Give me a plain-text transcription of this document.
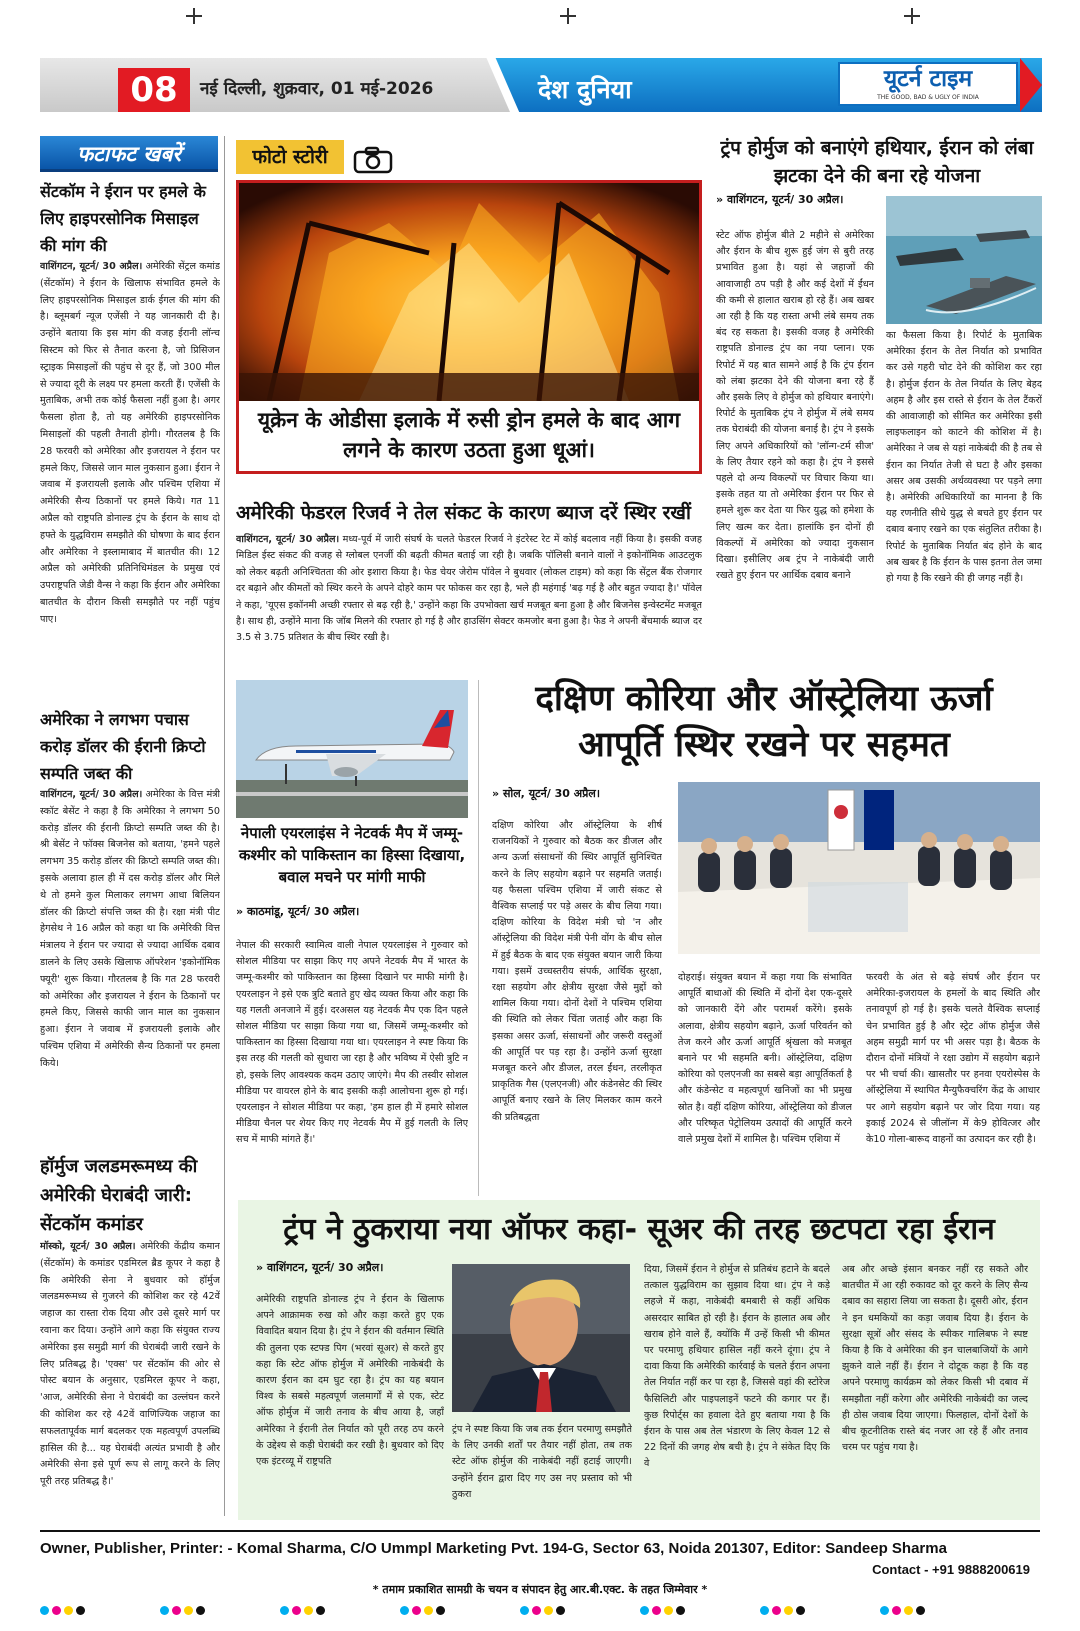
08	नई दिल्ली, शुक्रवार, 01 मई-2026	देश दुनिया	यूटर्न टाइम
THE GOOD, BAD & UGLY OF INDIA
फटाफट खबरें
सेंटकॉम ने ईरान पर हमले के लिए हाइपरसोनिक मिसाइल की मांग की
वाशिंगटन, यूटर्न/ 30 अप्रैल। अमेरिकी सेंट्रल कमांड (सेंटकॉम) ने ईरान के खिलाफ संभावित हमले के लिए हाइपरसोनिक मिसाइल डार्क ईगल की मांग की है। ब्लूमबर्ग न्यूज एजेंसी ने यह जानकारी दी है। उन्होंने बताया कि इस मांग की वजह ईरानी लॉन्च सिस्टम को फिर से तैनात करना है, जो प्रिसिजन स्ट्राइक मिसाइलों की पहुंच से दूर हैं, जो 300 मील से ज्यादा दूरी के लक्ष्य पर हमला करती हैं। एजेंसी के मुताबिक, अभी तक कोई फैसला नहीं हुआ है। अगर फैसला होता है, तो यह अमेरिकी हाइपरसोनिक मिसाइलों की पहली तैनाती होगी। गौरतलब है कि 28 फरवरी को अमेरिका और इजरायल ने ईरान पर हमले किए, जिससे जान माल नुकसान हुआ। ईरान ने जवाब में इजरायली इलाके और पश्चिम एशिया में अमेरिकी सैन्य ठिकानों पर हमले किये। गत 11 अप्रैल को राष्ट्रपति डोनाल्ड ट्रंप के ईरान के साथ दो हफ्ते के युद्धविराम समझौते की घोषणा के बाद ईरान और अमेरिका ने इस्लामाबाद में बातचीत की। 12 अप्रैल को अमेरिकी प्रतिनिधिमंडल के प्रमुख एवं उपराष्ट्रपति जेडी वैन्स ने कहा कि ईरान और अमेरिका बातचीत के दौरान किसी समझौते पर नहीं पहुंच पाए।
अमेरिका ने लगभग पचास करोड़ डॉलर की ईरानी क्रिप्टो सम्पति जब्त की
वाशिंगटन, यूटर्न/ 30 अप्रैल। अमेरिका के वित्त मंत्री स्कॉट बेसेंट ने कहा है कि अमेरिका ने लगभग 50 करोड़ डॉलर की ईरानी क्रिप्टो सम्पति जब्त की है। श्री बेसेंट ने फॉक्स बिजनेस को बताया, 'हमने पहले लगभग 35 करोड़ डॉलर की क्रिप्टो सम्पति जब्त की। इसके अलावा हाल ही में दस करोड़ डॉलर और मिले थे तो हमने कुल मिलाकर लगभग आधा बिलियन डॉलर की क्रिप्टो संपत्ति जब्त की है। रक्षा मंत्री पीट हेगसेथ ने 16 अप्रैल को कहा था कि अमेरिकी वित्त मंत्रालय ने ईरान पर ज्यादा से ज्यादा आर्थिक दबाव डालने के लिए उसके खिलाफ ऑपरेशन 'इकोनॉमिक फ्यूरी' शुरू किया। गौरतलब है कि गत 28 फरवरी को अमेरिका और इजरायल ने ईरान के ठिकानों पर हमले किए, जिससे काफी जान माल का नुकसान हुआ। ईरान ने जवाब में इजरायली इलाके और पश्चिम एशिया में अमेरिकी सैन्य ठिकानों पर हमला किये।
हॉर्मुज जलडमरूमध्य की अमेरिकी घेराबंदी जारी: सेंटकॉम कमांडर
मॉस्को, यूटर्न/ 30 अप्रैल। अमेरिकी केंद्रीय कमान (सेंटकॉम) के कमांडर एडमिरल ब्रैड कूपर ने कहा है कि अमेरिकी सेना ने बुधवार को हॉर्मुज जलडमरूमध्य से गुजरने की कोशिश कर रहे 42वें जहाज का रास्ता रोक दिया और उसे दूसरे मार्ग पर रवाना कर दिया। उन्होंने आगे कहा कि संयुक्त राज्य अमेरिका इस समुद्री मार्ग की घेराबंदी जारी रखने के लिए प्रतिबद्ध है। 'एक्स' पर सेंटकॉम की ओर से पोस्ट बयान के अनुसार, एडमिरल कूपर ने कहा, 'आज, अमेरिकी सेना ने घेराबंदी का उल्लंघन करने की कोशिश कर रहे 42वें वाणिज्यिक जहाज का सफलतापूर्वक मार्ग बदलकर एक महत्वपूर्ण उपलब्धि हासिल की है... यह घेराबंदी अत्यंत प्रभावी है और अमेरिकी सेना इसे पूर्ण रूप से लागू करने के लिए पूरी तरह प्रतिबद्ध है।'
फोटो स्टोरी
यूक्रेन के ओडीसा इलाके में रुसी ड्रोन हमले के बाद आग लगने के कारण उठता हुआ धूआं।
अमेरिकी फेडरल रिजर्व ने तेल संकट के कारण ब्याज दरें स्थिर रखीं
वाशिंगटन, यूटर्न/ 30 अप्रैल। मध्य-पूर्व में जारी संघर्ष के चलते फेडरल रिजर्व ने इंटरेस्ट रेट में कोई बदलाव नहीं किया है। इसकी वजह मिडिल ईस्ट संकट की वजह से ग्लोबल एनर्जी की बढ़ती कीमत बताई जा रही है। जबकि पॉलिसी बनाने वालों ने इकोनॉमिक आउटलुक को लेकर बढ़ती अनिश्चितता की ओर इशारा किया है। फेड चेयर जेरोम पॉवेल ने बुधवार (लोकल टाइम) को कहा कि सेंट्रल बैंक रोजगार दर बढ़ाने और कीमतों को स्थिर करने के अपने दोहरे काम पर फोकस कर रहा है, भले ही महंगाई 'बढ़ गई है और बहुत ज्यादा है।' पॉवेल ने कहा, 'यूएस इकॉनमी अच्छी रफ्तार से बढ़ रही है,' उन्होंने कहा कि उपभोक्ता खर्च मजबूत बना हुआ है और बिजनेस इन्वेस्टमेंट मजबूत है। साथ ही, उन्होंने माना कि जॉब मिलने की रफ्तार हो गई है और हाउसिंग सेक्टर कमजोर बना हुआ है। फेड ने अपनी बेंचमार्क ब्याज दर 3.5 से 3.75 प्रतिशत के बीच स्थिर रखी है।
ट्रंप होर्मुज को बनाएंगे हथियार, ईरान को लंबा झटका देने की बना रहे योजना
» वाशिंगटन, यूटर्न/ 30 अप्रैल।
स्टेट ऑफ होर्मुज बीते 2 महीने से अमेरिका और ईरान के बीच शुरू हुई जंग से बुरी तरह प्रभावित हुआ है। यहां से जहाजों की आवाजाही ठप पड़ी है और कई देशों में ईंधन की कमी से हालात खराब हो रहे हैं। अब खबर आ रही है कि यह रास्ता अभी लंबे समय तक बंद रह सकता है। इसकी वजह है अमेरिकी राष्ट्रपति डोनाल्ड ट्रंप का नया प्लान। एक रिपोर्ट में यह बात सामने आई है कि ट्रंप ईरान को लंबा झटका देने की योजना बना रहे हैं और इसके लिए वे होर्मुज को हथियार बनाएंगे। रिपोर्ट के मुताबिक ट्रंप ने होर्मुज में लंबे समय तक घेराबंदी की योजना बनाई है। ट्रंप ने इसके लिए अपने अधिकारियों को 'लॉन्ग-टर्म सीज' के लिए तैयार रहने को कहा है। ट्रंप ने इससे पहले दो अन्य विकल्पों पर विचार किया था। इसके तहत या तो अमेरिका ईरान पर फिर से हमले शुरू कर देता या फिर युद्ध को हमेशा के लिए खत्म कर देता। हालांकि इन दोनों ही विकल्पों में अमेरिका को ज्यादा नुकसान दिखा। इसीलिए अब ट्रंप ने नाकेबंदी जारी रखते हुए ईरान पर आर्थिक दबाव बनाने
का फैसला किया है। रिपोर्ट के मुताबिक अमेरिका ईरान के तेल निर्यात को प्रभावित कर उसे गहरी चोट देने की कोशिश कर रहा है। होर्मुज ईरान के तेल निर्यात के लिए बेहद अहम है और इस रास्ते से ईरान के तेल टैंकरों की आवाजाही को सीमित कर अमेरिका इसी लाइफलाइन को काटने की कोशिश में है। अमेरिका ने जब से यहां नाकेबंदी की है तब से ईरान का निर्यात तेजी से घटा है और इसका असर अब उसकी अर्थव्यवस्था पर पड़ने लगा है। अमेरिकी अधिकारियों का मानना है कि यह रणनीति सीधे युद्ध से बचते हुए ईरान पर दबाव बनाए रखने का एक संतुलित तरीका है। रिपोर्ट के मुताबिक निर्यात बंद होने के बाद अब खबर है कि ईरान के पास इतना तेल जमा हो गया है कि रखने की ही जगह नहीं है।
नेपाली एयरलाइंस ने नेटवर्क मैप में जम्मू-कश्मीर को पाकिस्तान का हिस्सा दिखाया, बवाल मचने पर मांगी माफी
» काठमांडू, यूटर्न/ 30 अप्रैल।
नेपाल की सरकारी स्वामित्व वाली नेपाल एयरलाइंस ने गुरुवार को सोशल मीडिया पर साझा किए गए अपने नेटवर्क मैप में भारत के जम्मू-कश्मीर को पाकिस्तान का हिस्सा दिखाने पर माफी मांगी है। एयरलाइन ने इसे एक त्रुटि बताते हुए खेद व्यक्त किया और कहा कि यह गलती अनजाने में हुई। दरअसल यह नेटवर्क मैप एक दिन पहले सोशल मीडिया पर साझा किया गया था, जिसमें जम्मू-कश्मीर को पाकिस्तान का हिस्सा दिखाया गया था। एयरलाइन ने स्पष्ट किया कि इस तरह की गलती को सुधारा जा रहा है और भविष्य में ऐसी त्रुटि न हो, इसके लिए आवश्यक कदम उठाए जाएंगे। मैप की तस्वीर सोशल मीडिया पर वायरल होने के बाद इसकी कड़ी आलोचना शुरू हो गई। एयरलाइन ने सोशल मीडिया पर कहा, 'हम हाल ही में हमारे सोशल मीडिया चैनल पर शेयर किए गए नेटवर्क मैप में हुई गलती के लिए सच में माफी मांगते हैं।'
दक्षिण कोरिया और ऑस्ट्रेलिया ऊर्जा आपूर्ति स्थिर रखने पर सहमत
» सोल, यूटर्न/ 30 अप्रैल।
दक्षिण कोरिया और ऑस्ट्रेलिया के शीर्ष राजनयिकों ने गुरुवार को बैठक कर डीजल और अन्य ऊर्जा संसाधनों की स्थिर आपूर्ति सुनिश्चित करने के लिए सहयोग बढ़ाने पर सहमति जताई। यह फैसला पश्चिम एशिया में जारी संकट से वैश्विक सप्लाई पर पड़े असर के बीच लिया गया। दक्षिण कोरिया के विदेश मंत्री चो 'न और ऑस्ट्रेलिया की विदेश मंत्री पेनी वोंग के बीच सोल में हुई बैठक के बाद एक संयुक्त बयान जारी किया गया। इसमें उच्चस्तरीय संपर्क, आर्थिक सुरक्षा, रक्षा सहयोग और क्षेत्रीय सुरक्षा जैसे मुद्दों को शामिल किया गया। दोनों देशों ने पश्चिम एशिया की स्थिति को लेकर चिंता जताई और कहा कि इसका असर ऊर्जा, संसाधनों और जरूरी वस्तुओं की आपूर्ति पर पड़ रहा है। उन्होंने ऊर्जा सुरक्षा मजबूत करने और डीजल, तरल ईंधन, तरलीकृत प्राकृतिक गैस (एलएनजी) और कंडेनसेट की स्थिर आपूर्ति बनाए रखने के लिए मिलकर काम करने की प्रतिबद्धता
दोहराई। संयुक्त बयान में कहा गया कि संभावित आपूर्ति बाधाओं की स्थिति में दोनों देश एक-दूसरे को जानकारी देंगे और परामर्श करेंगे। इसके अलावा, क्षेत्रीय सहयोग बढ़ाने, ऊर्जा परिवर्तन को तेज करने और ऊर्जा आपूर्ति श्रृंखला को मजबूत बनाने पर भी सहमति बनी। ऑस्ट्रेलिया, दक्षिण कोरिया को एलएनजी का सबसे बड़ा आपूर्तिकर्ता है और कंडेन्सेट व महत्वपूर्ण खनिजों का भी प्रमुख स्रोत है। वहीं दक्षिण कोरिया, ऑस्ट्रेलिया को डीजल और परिष्कृत पेट्रोलियम उत्पादों की आपूर्ति करने वाले प्रमुख देशों में शामिल है। पश्चिम एशिया में
फरवरी के अंत से बढ़े संघर्ष और ईरान पर अमेरिका-इजरायल के हमलों के बाद स्थिति और तनावपूर्ण हो गई है। इसके चलते वैश्विक सप्लाई चेन प्रभावित हुई है और स्ट्रेट ऑफ होर्मुज जैसे अहम समुद्री मार्ग पर भी असर पड़ा है। बैठक के दौरान दोनों मंत्रियों ने रक्षा उद्योग में सहयोग बढ़ाने पर भी चर्चा की। खासतौर पर हनवा एयरोस्पेस के ऑस्ट्रेलिया में स्थापित मैन्युफैक्चरिंग केंद्र के आधार पर आगे सहयोग बढ़ाने पर जोर दिया गया। यह इकाई 2024 से जीलॉन्ग में के9 होवित्जर और के10 गोला-बारूद वाहनों का उत्पादन कर रही है।
ट्रंप ने ठुकराया नया ऑफर कहा- सूअर की तरह छटपटा रहा ईरान
» वाशिंगटन, यूटर्न/ 30 अप्रैल।
अमेरिकी राष्ट्रपति डोनाल्ड ट्रंप ने ईरान के खिलाफ अपने आक्रामक रुख को और कड़ा करते हुए एक विवादित बयान दिया है। ट्रंप ने ईरान की वर्तमान स्थिति की तुलना एक स्टफ्ड पिग (भरवां सूअर) से करते हुए कहा कि स्टेट ऑफ होर्मुज में अमेरिकी नाकेबंदी के कारण ईरान का दम घुट रहा है। ट्रंप का यह बयान विश्व के सबसे महत्वपूर्ण जलमार्गों में से एक, स्टेट ऑफ होर्मुज में जारी तनाव के बीच आया है, जहाँ अमेरिका ने ईरानी तेल निर्यात को पूरी तरह ठप करने के उद्देश्य से कड़ी घेराबंदी कर रखी है। बुधवार को दिए एक इंटरव्यू में राष्ट्रपति
ट्रंप ने स्पष्ट किया कि जब तक ईरान परमाणु समझौते के लिए उनकी शर्तों पर तैयार नहीं होता, तब तक स्टेट ऑफ होर्मुज की नाकेबंदी नहीं हटाई जाएगी। उन्होंने ईरान द्वारा दिए गए उस नए प्रस्ताव को भी ठुकरा
दिया, जिसमें ईरान ने होर्मुज से प्रतिबंध हटाने के बदले तत्काल युद्धविराम का सुझाव दिया था। ट्रंप ने कड़े लहजे में कहा, नाकेबंदी बमबारी से कहीं अधिक असरदार साबित हो रही है। ईरान के हालात अब और खराब होने वाले हैं, क्योंकि मैं उन्हें किसी भी कीमत पर परमाणु हथियार हासिल नहीं करने दूंगा। ट्रंप ने दावा किया कि अमेरिकी कार्रवाई के चलते ईरान अपना तेल निर्यात नहीं कर पा रहा है, जिससे वहां की स्टोरेज फैसिलिटी और पाइपलाइनें फटने की कगार पर हैं। कुछ रिपोर्ट्स का हवाला देते हुए बताया गया है कि ईरान के पास अब तेल भंडारण के लिए केवल 12 से 22 दिनों की जगह शेष बची है। ट्रंप ने संकेत दिए कि वे
अब और अच्छे इंसान बनकर नहीं रह सकते और बातचीत में आ रही रुकावट को दूर करने के लिए सैन्य दबाव का सहारा लिया जा सकता है। दूसरी ओर, ईरान ने इन धमकियों का कड़ा जवाब दिया है। ईरान के सुरक्षा सूत्रों और संसद के स्पीकर गालिबफ ने स्पष्ट किया है कि वे अमेरिका की इन चालबाजियों के आगे झुकने वाले नहीं हैं। ईरान ने दोटूक कहा है कि वह अपने परमाणु कार्यक्रम को लेकर किसी भी दबाव में समझौता नहीं करेगा और अमेरिकी नाकेबंदी का जल्द ही ठोस जवाब दिया जाएगा। फिलहाल, दोनों देशों के बीच कूटनीतिक रास्ते बंद नजर आ रहे हैं और तनाव चरम पर पहुंच गया है।
Owner, Publisher, Printer: - Komal Sharma, C/O Ummpl Marketing Pvt. 194-G, Sector 63, Noida 201307, Editor: Sandeep Sharma
Contact - +91 9888200619
* तमाम प्रकाशित सामग्री के चयन व संपादन हेतु आर.बी.एक्ट. के तहत जिम्मेवार *
